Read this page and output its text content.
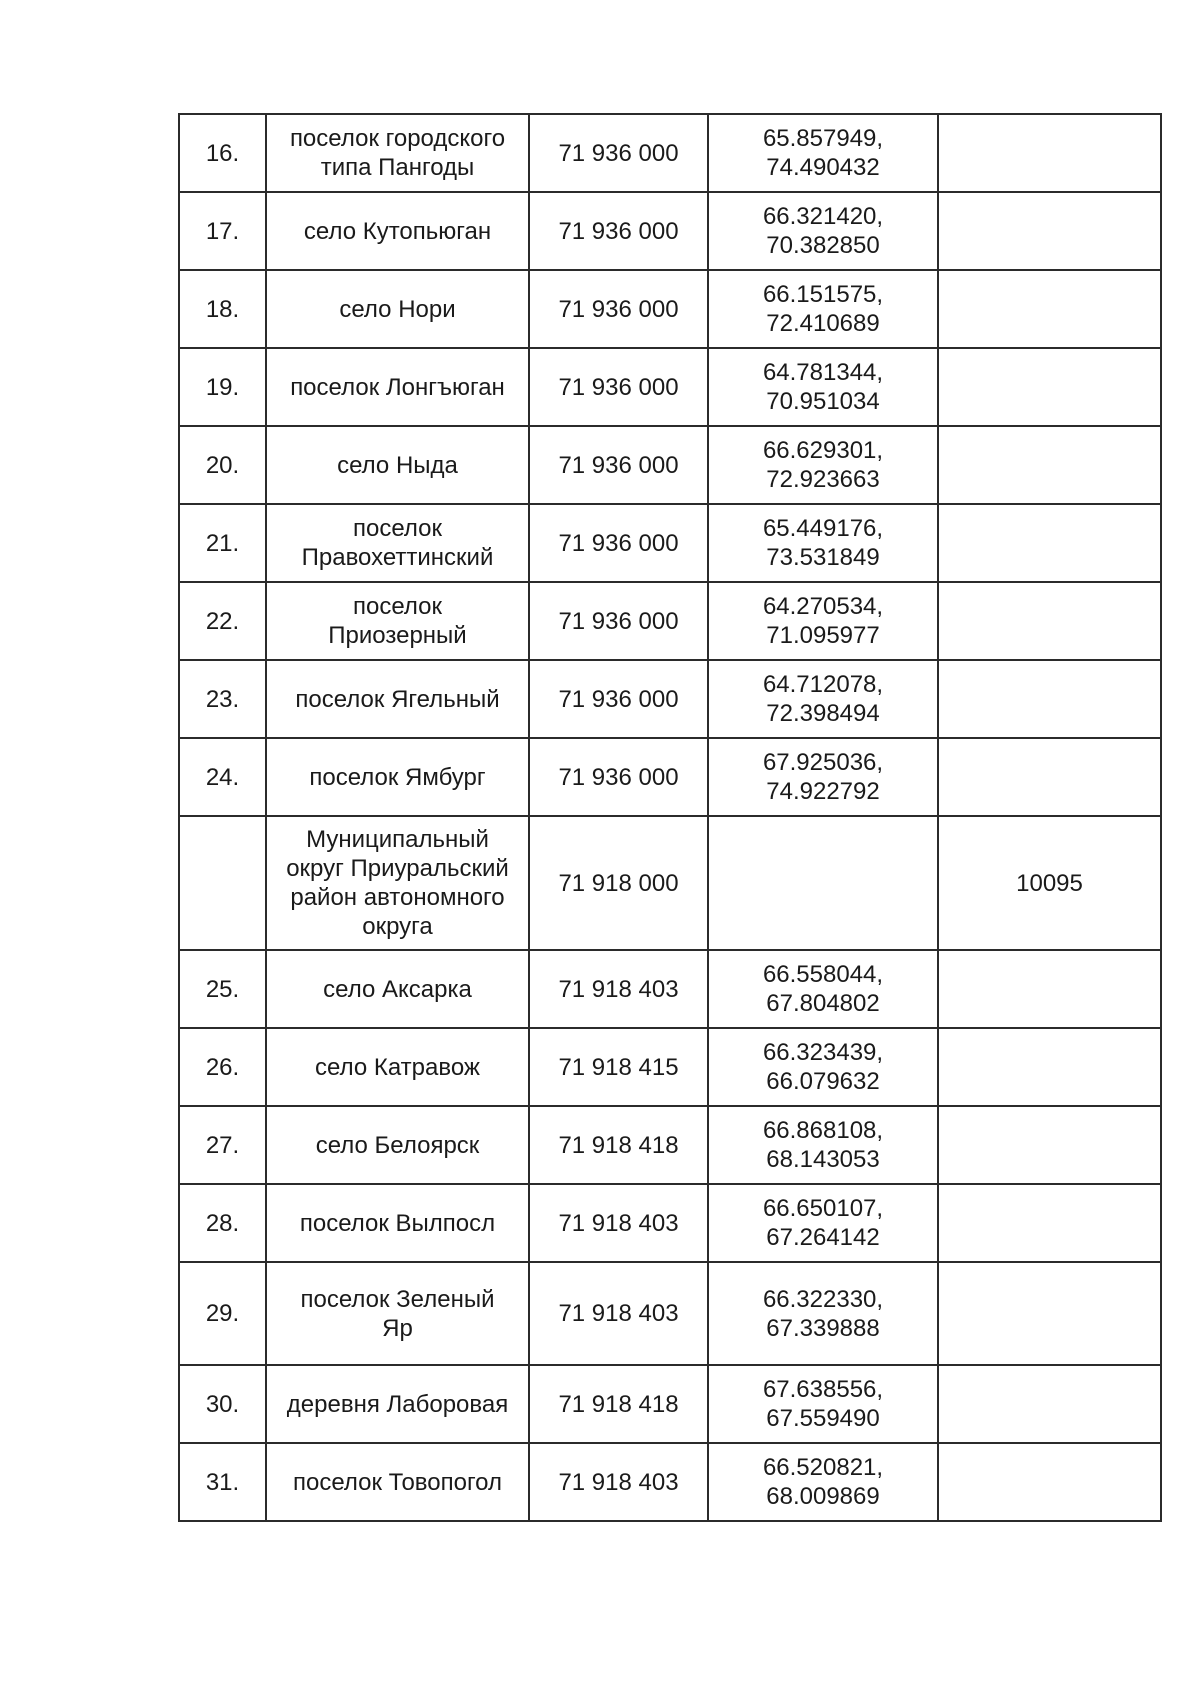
16.	поселок городского
типа Пангоды	71 936 000	65.857949,
74.490432	

17.	село Кутопьюган	71 936 000	66.321420,
70.382850	

18.	село Нори	71 936 000	66.151575,
72.410689	

19.	поселок Лонгъюган	71 936 000	64.781344,
70.951034	

20.	село Ныда	71 936 000	66.629301,
72.923663	

21.	поселок
Правохеттинский	71 936 000	65.449176,
73.531849	

22.	поселок
Приозерный	71 936 000	64.270534,
71.095977	

23.	поселок Ягельный	71 936 000	64.712078,
72.398494	

24.	поселок Ямбург	71 936 000	67.925036,
74.922792	

	Муниципальный
округ Приуральский
район автономного
округа	71 918 000		10095
25.	село Аксарка	71 918 403	66.558044,
67.804802	

26.	село Катравож	71 918 415	66.323439,
66.079632	

27.	село Белоярск	71 918 418	66.868108,
68.143053	

28.	поселок Вылпосл	71 918 403	66.650107,
67.264142	

29.	поселок Зеленый
Яр	71 918 403	66.322330,
67.339888	

30.	деревня Лаборовая	71 918 418	67.638556,
67.559490	

31.	поселок Товопогол	71 918 403	66.520821,
68.009869	
